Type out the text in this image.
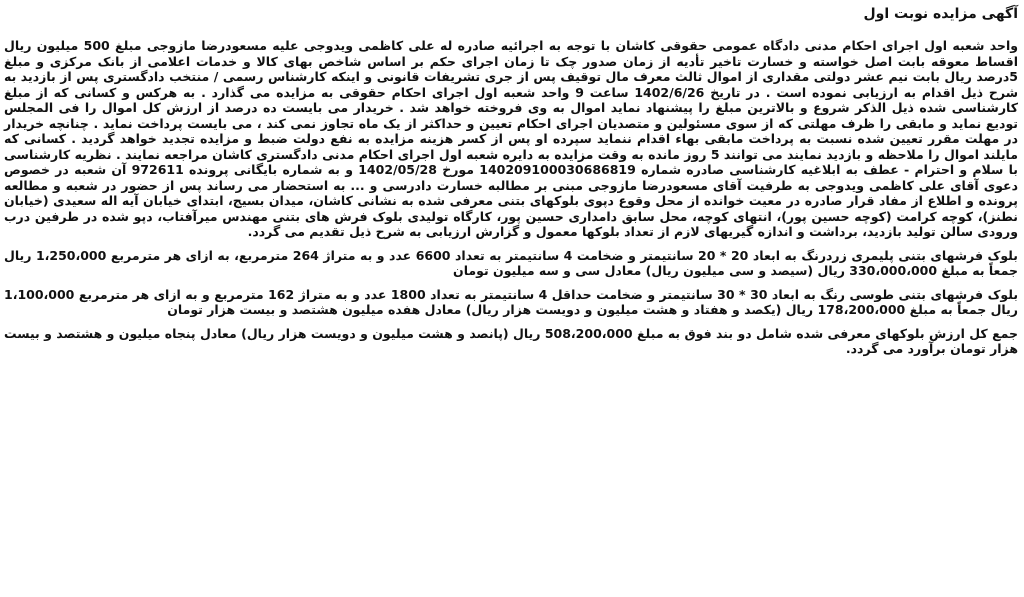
آگهی مزایده نوبت اول

واحد شعبه اول اجرای احکام مدنی دادگاه عمومی حقوقی کاشان با توجه به اجرائیه صادره له علی کاظمی ویدوجی علیه مسعودرضا مازوجی مبلغ 500 میلیون ریال اقساط معوقه بابت اصل خواسته و خسارت تاخیر تأدیه از زمان صدور چک تا زمان اجرای حکم بر اساس شاخص بهای کالا و خدمات اعلامی از بانک مرکزی و مبلغ 5درصد ریال بابت نیم عشر دولتی مقداری از اموال ثالث معرف مال توقیف پس از جری تشریفات قانونی و اینکه کارشناس رسمی / منتخب دادگستری پس از بازدید به شرح ذیل اقدام به ارزیابی نموده است . در تاریخ 1402/6/26 ساعت 9 واحد شعبه اول اجرای احکام حقوقی به مزایده می گذارد . به هرکس و کسانی که از مبلغ کارشناسی شده ذیل الذکر شروع و بالاترین مبلغ را پیشنهاد نماید اموال به وی فروخته خواهد شد . خریدار می بایست ده درصد از ارزش کل اموال را فی المجلس تودیع نماید و مابقی را ظرف مهلتی که از سوی مسئولین و متصدیان اجرای احکام تعیین و حداکثر از یک ماه تجاوز نمی کند ، می بایست پرداخت نماید . چنانچه خریدار در مهلت مقرر تعیین شده نسبت به پرداخت مابقی بهاء اقدام ننماید سپرده او پس از کسر هزینه مزایده به نفع دولت ضبط و مزایده تجدید خواهد گردید . کسانی که مایلند اموال را ملاحظه و بازدید نمایند می توانند 5 روز مانده به وقت مزایده به دایره شعبه اول اجرای احکام مدنی دادگستری کاشان مراجعه نمایند . نظریه کارشناسی با سلام و احترام - عطف به ابلاغیه کارشناسی صادره شماره 140209100030686819 مورخ 1402/05/28 و به شماره بایگانی پرونده 972611 آن شعبه در خصوص دعوی آقای علی کاظمی ویدوجی به طرفیت آقای مسعودرضا مازوجی مبنی بر مطالبه خسارت دادرسی و ... به استحضار می رساند پس از حضور در شعبه و مطالعه پرونده و اطلاع از مفاد قرار صادره در معیت خوانده از محل وقوع دپوی بلوکهای بتنی معرفی شده به نشانی کاشان، میدان بسیج، ابتدای خیابان آیه اله سعیدی (خیابان نطنز)، کوچه کرامت (کوچه حسین پور)، انتهای کوچه، محل سابق دامداری حسین پور، کارگاه تولیدی بلوک فرش های بتنی مهندس میرآفتاب، دپو شده در طرفین درب ورودی سالن تولید بازدید، برداشت و اندازه گیریهای لازم از تعداد بلوکها معمول و گزارش ارزیابی به شرح ذیل تقدیم می گردد.

بلوک فرشهای بتنی پلیمری زردرنگ به ابعاد 20 * 20 سانتیمتر و ضخامت 4 سانتیمتر به تعداد 6600 عدد و به متراژ 264 مترمربع، به ازای هر مترمربع 1،250،000 ریال جمعاً به مبلغ 330،000،000 ریال (سیصد و سی میلیون ریال) معادل سی و سه میلیون تومان

بلوک فرشهای بتنی طوسی رنگ به ابعاد 30 * 30 سانتیمتر و ضخامت حداقل 4 سانتیمتر به تعداد 1800 عدد و به متراژ 162 مترمربع و به ازای هر مترمربع 1،100،000 ریال جمعاً به مبلغ 178،200،000 ریال (یکصد و هفتاد و هشت میلیون و دویست هزار ریال) معادل هفده میلیون هشتصد و بیست هزار تومان

جمع کل ارزش بلوکهای معرفی شده شامل دو بند فوق به مبلغ 508،200،000 ریال (پانصد و هشت میلیون و دویست هزار ریال) معادل پنجاه میلیون و هشتصد و بیست هزار تومان برآورد می گردد.
